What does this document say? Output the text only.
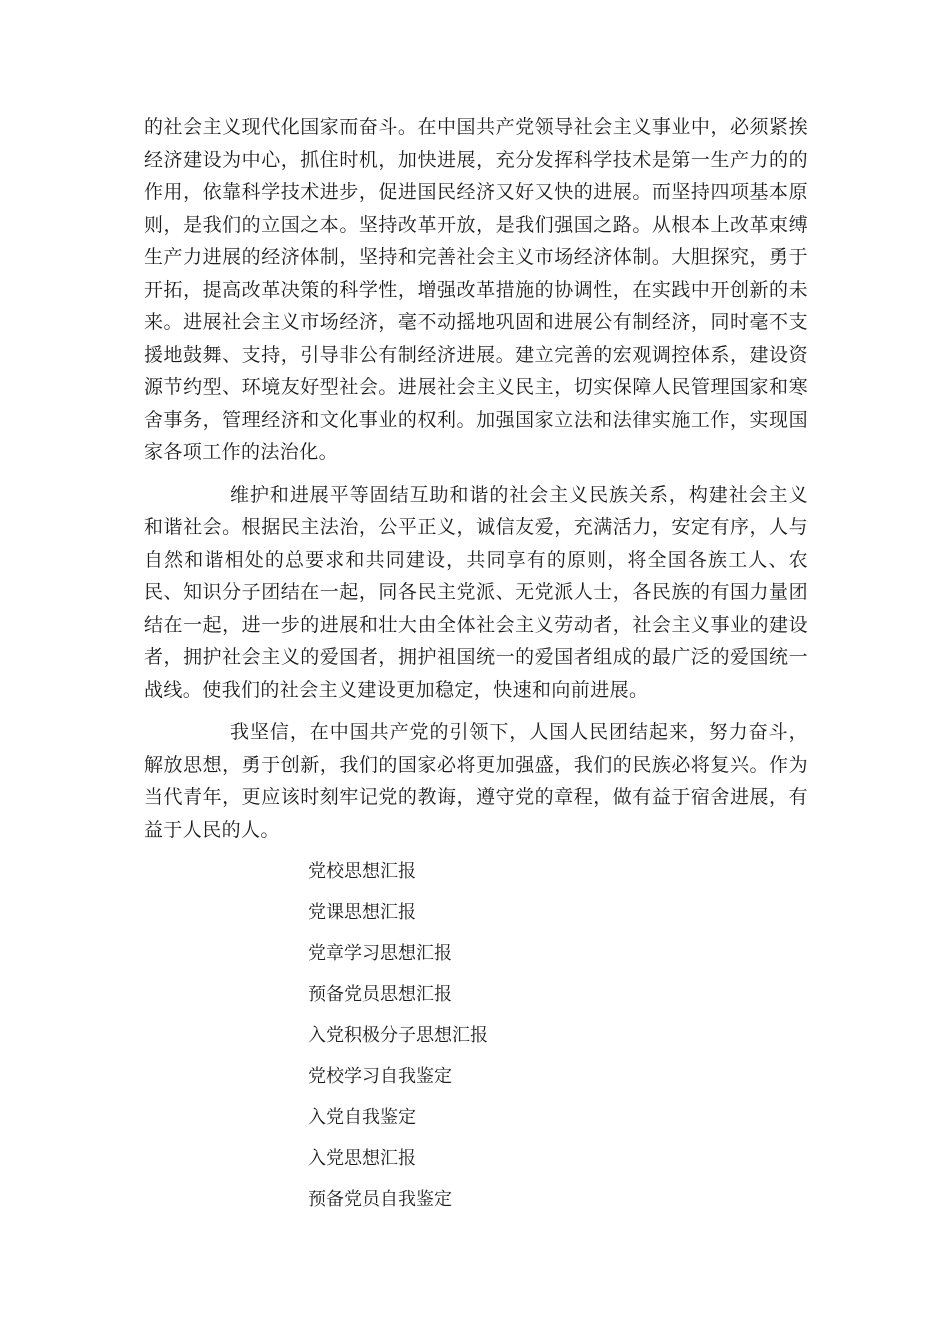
的社会主义现代化国家而奋斗。在中国共产党领导社会主义事业中，必须紧挨经济建设为中心，抓住时机，加快进展，充分发挥科学技术是第一生产力的的作用，依靠科学技术进步，促进国民经济又好又快的进展。而坚持四项基本原则，是我们的立国之本。坚持改革开放，是我们强国之路。从根本上改革束缚生产力进展的经济体制，坚持和完善社会主义市场经济体制。大胆探究，勇于开拓，提高改革决策的科学性，增强改革措施的协调性，在实践中开创新的未来。进展社会主义市场经济，毫不动摇地巩固和进展公有制经济，同时毫不支援地鼓舞、支持，引导非公有制经济进展。建立完善的宏观调控体系，建设资源节约型、环境友好型社会。进展社会主义民主，切实保障人民管理国家和寒舍事务，管理经济和文化事业的权利。加强国家立法和法律实施工作，实现国家各项工作的法治化。

维护和进展平等固结互助和谐的社会主义民族关系，构建社会主义和谐社会。根据民主法治，公平正义，诚信友爱，充满活力，安定有序，人与自然和谐相处的总要求和共同建设，共同享有的原则，将全国各族工人、农民、知识分子团结在一起，同各民主党派、无党派人士，各民族的有国力量团结在一起，进一步的进展和壮大由全体社会主义劳动者，社会主义事业的建设者，拥护社会主义的爱国者，拥护祖国统一的爱国者组成的最广泛的爱国统一战线。使我们的社会主义建设更加稳定，快速和向前进展。

我坚信，在中国共产党的引领下，人国人民团结起来，努力奋斗，解放思想，勇于创新，我们的国家必将更加强盛，我们的民族必将复兴。作为当代青年，更应该时刻牢记党的教诲，遵守党的章程，做有益于宿舍进展，有益于人民的人。

党校思想汇报
党课思想汇报
党章学习思想汇报
预备党员思想汇报
入党积极分子思想汇报
党校学习自我鉴定
入党自我鉴定
入党思想汇报
预备党员自我鉴定
